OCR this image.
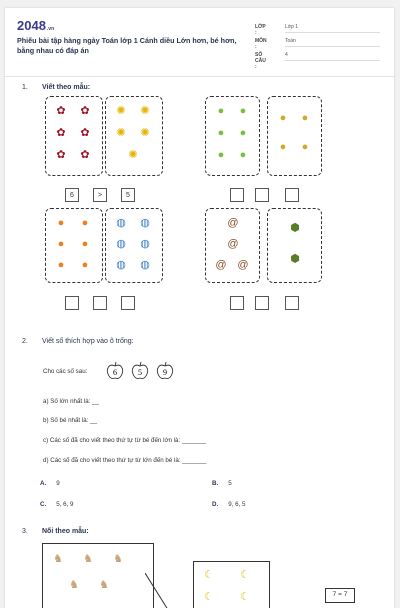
2048.vn
Phiếu bài tập hàng ngày Toán lớp 1 Cánh diều Lớn hơn, bé hơn, bằng nhau có đáp án
LỚP :
Lớp 1
MÔN :
Toán
SỐ CÂU :
4
1. Viết theo mẫu:
✿ ✿
✿ ✿
✿ ✿
✺ ✺
✺ ✺
✺
6	>	5
●	●
●	●
●	●
●	●
●	●
●	●
●	●
●	●
◍ ◍
◍ ◍
◍ ◍
@
@
@ @
⬢
⬢
2. Viết số thích hợp vào ô trống:
Cho các số sau:	6	5	9
a) Số lớn nhất là: __
b) Số bé nhất là: __
c) Các số đã cho viết theo thứ tự từ bé đến lớn là: _______
d) Các số đã cho viết theo thứ tự từ lớn đến bé là: _______
A. 9	B. 5
C. 5, 6, 9	D. 9, 6, 5
3. Nối theo mẫu:
♞ ♞ ♞
♞ ♞
☾ ☾
☾ ☾	7 = 7
